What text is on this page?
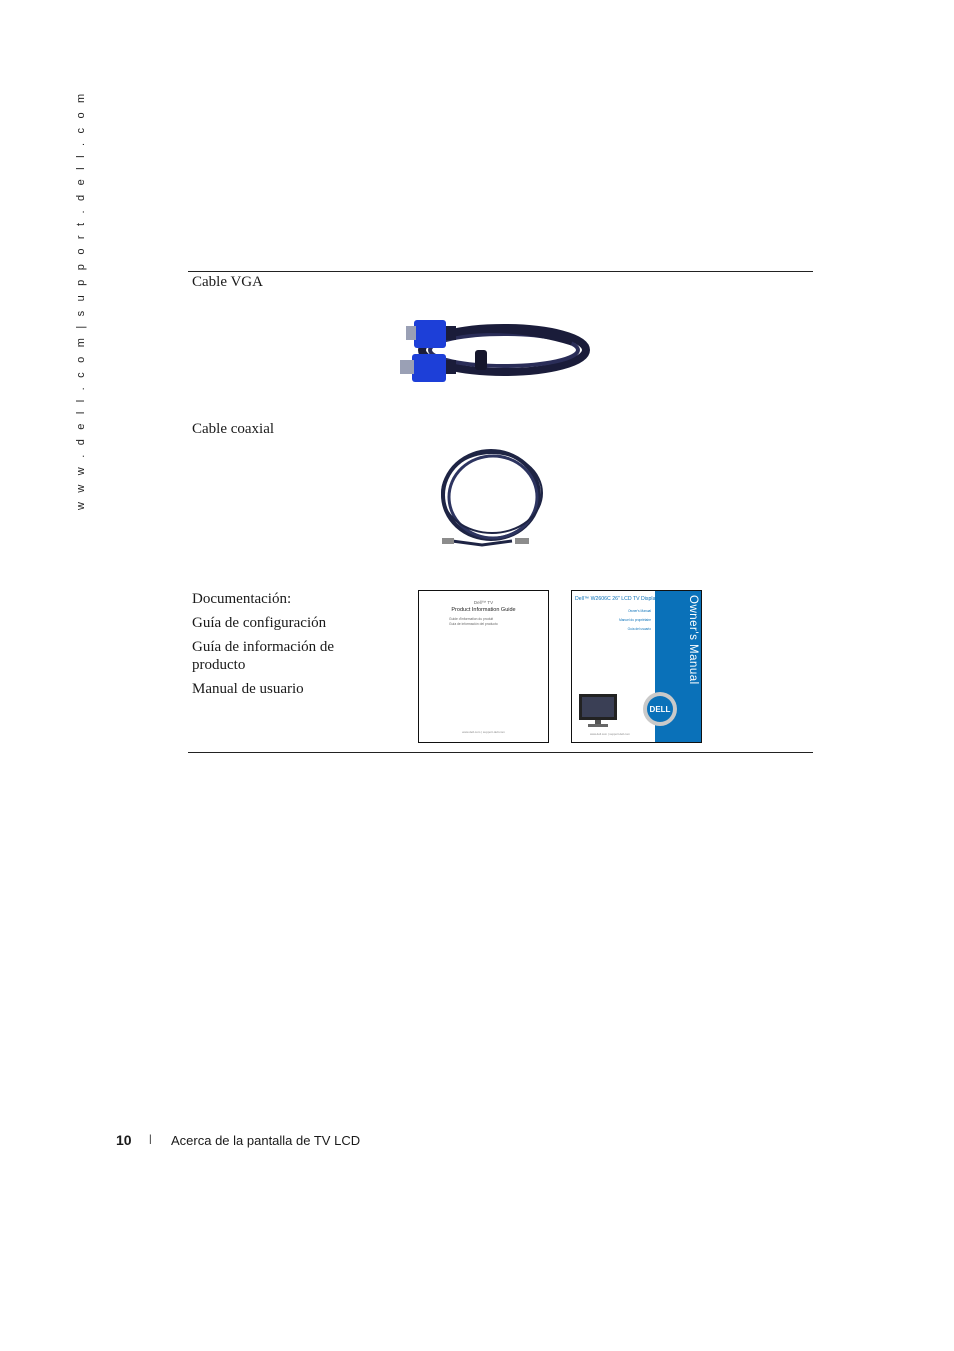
w w w . d e l l . c o m | s u p p o r t . d e l l . c o m	Cable VGA
Cable coaxial
Documentación:
Guía de configuración
Guía de información de producto
Manual de usuario
Dell™ TV
Product Information Guide
Guide d'information du produit
Guía de información del producto
www.dell.com | support.dell.com
Owner's Manual
Dell™ W2606C 26" LCD TV Display
Owner's Manual
Manuel du propriétaire
Guía del usuario
DELL
www.dell.com | support.dell.com
10 | Acerca de la pantalla de TV LCD
